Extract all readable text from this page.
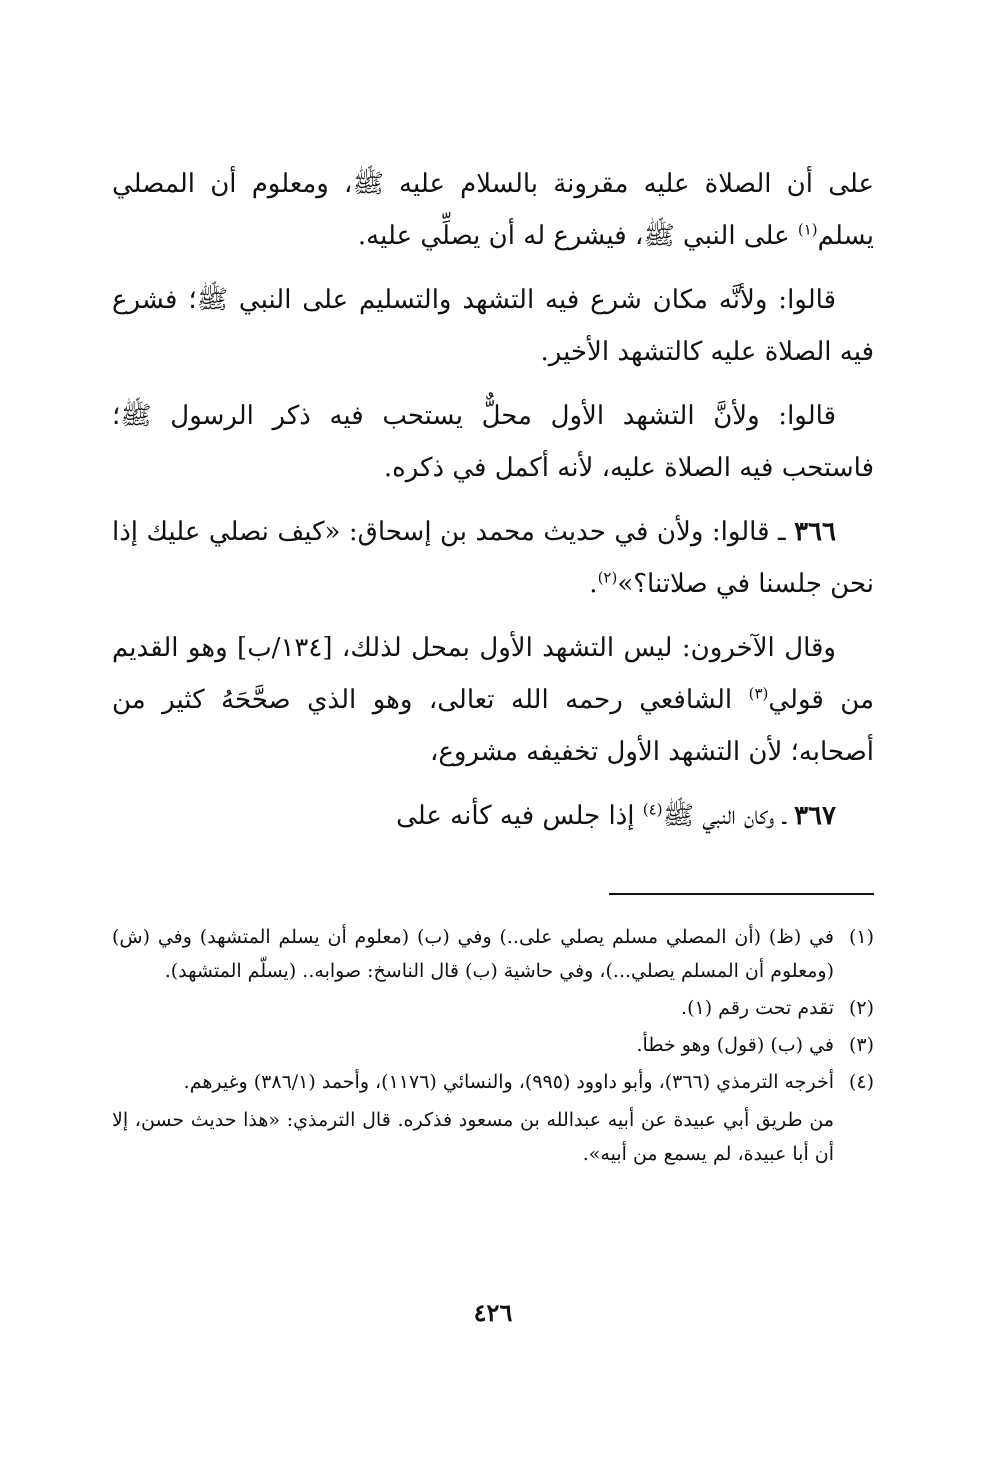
على أن الصلاة عليه مقرونة بالسلام عليه ﷺ، ومعلوم أن المصلي يسلم$^{(١)}$ على النبي ﷺ، فيشرع له أن يصلِّي عليه.

قالوا: ولأنَّه مكان شرع فيه التشهد والتسليم على النبي ﷺ؛ فشرع فيه الصلاة عليه كالتشهد الأخير.

قالوا: ولأنَّ التشهد الأول محلٌّ يستحب فيه ذكر الرسول ﷺ؛ فاستحب فيه الصلاة عليه، لأنه أكمل في ذكره.

٣٦٦ ـ قالوا: ولأن في حديث محمد بن إسحاق: «كيف نصلي عليك إذا نحن جلسنا في صلاتنا؟»$^{(٢)}$.

وقال الآخرون: ليس التشهد الأول بمحل لذلك، [١٣٤/ب] وهو القديم من قولي$^{(٣)}$ الشافعي رحمه الله تعالى، وهو الذي صحَّحَهُ كثير من أصحابه؛ لأن التشهد الأول تخفيفه مشروع،

٣٦٧ ـ وكان النبي ﷺ$^{(٤)}$ إذا جلس فيه كأنه على

(١)
في (ظ) (أن المصلي مسلم يصلي على..) وفي (ب) (معلوم أن يسلم المتشهد) وفي (ش) (ومعلوم أن المسلم يصلي...)، وفي حاشية (ب) قال الناسخ: صوابه.. (يسلّم المتشهد).
(٢)
تقدم تحت رقم (١).
(٣)
في (ب) (قول) وهو خطأ.
(٤)
أخرجه الترمذي (٣٦٦)، وأبو داوود (٩٩٥)، والنسائي (١١٧٦)، وأحمد (٣٨٦/١) وغيرهم.

من طريق أبي عبيدة عن أبيه عبدالله بن مسعود فذكره. قال الترمذي: «هذا حديث حسن، إلا أن أبا عبيدة، لم يسمع من أبيه».

٤٢٦
